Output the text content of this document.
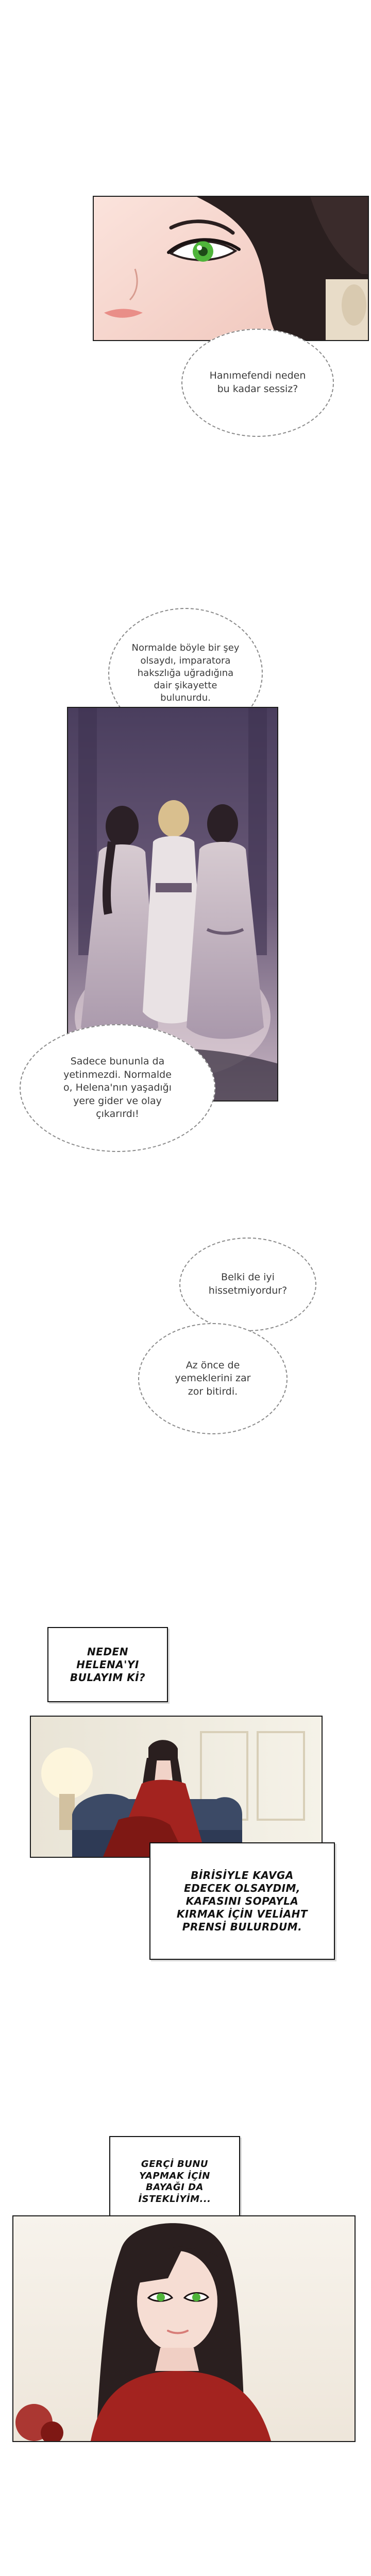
Hanımefendi neden
bu kadar sessiz?
Normalde böyle bir şey
olsaydı, imparatora
hakszlığa uğradığına
dair şikayette
bulunurdu.
Sadece bununla da
yetinmezdi. Normalde
o, Helena'nın yaşadığı
yere gider ve olay
çıkarırdı!
Belki de iyi
hissetmiyordur?
Az önce de
yemeklerini zar
zor bitirdi.
NEDEN
HELENA'YI
BULAYIM Kİ?
BİRİSİYLE KAVGA
EDECEK OLSAYDIM,
KAFASINI SOPAYLA
KIRMAK İÇİN VELİAHT
PRENSİ BULURDUM.
GERÇİ BUNU
YAPMAK İÇİN
BAYAĞI DA
İSTEKLİYİM...
